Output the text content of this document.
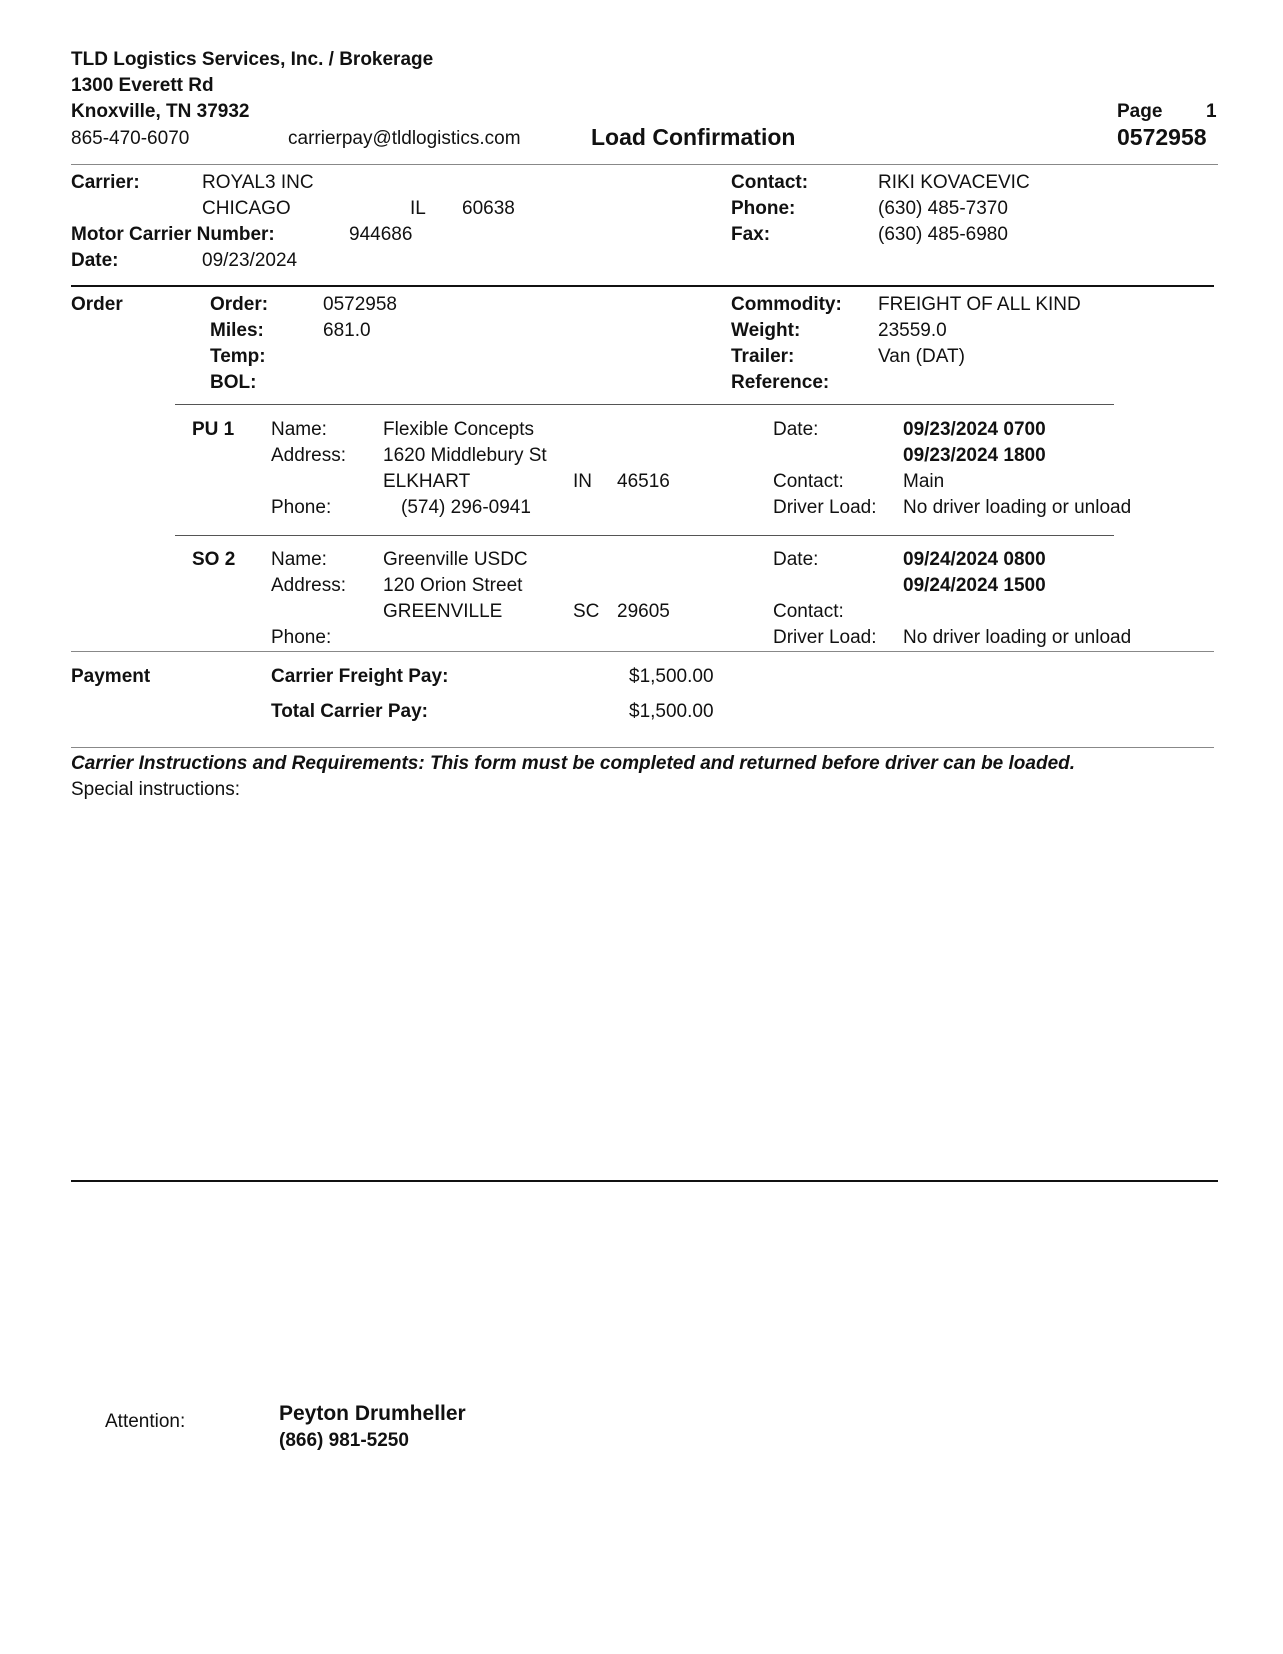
TLD Logistics Services, Inc. / Brokerage
1300 Everett Rd
Knoxville, TN 37932
865-470-6070	carrierpay@tldlogistics.com	Load Confirmation
Page 1
0572958
Carrier:	ROYAL3 INC
CHICAGO	IL 60638
Motor Carrier Number:	944686
Date:	09/23/2024
Contact:	RIKI KOVACEVIC
Phone:	(630) 485-7370
Fax:	(630) 485-6980
Order	Order:	0572958
Miles:	681.0
Temp:
BOL:
Commodity: FREIGHT OF ALL KIND
Weight:	23559.0
Trailer:	Van (DAT)
Reference:
PU 1 Name:	Flexible Concepts
Address: 1620 Middlebury St
ELKHART	IN 46516
Phone:	(574) 296-0941
Date:	09/23/2024 0700
09/23/2024 1800
Contact:	Main
Driver Load: No driver loading or unload
SO 2 Name:	Greenville USDC
Address: 120 Orion Street
GREENVILLE	SC 29605
Phone:
Date:	09/24/2024 0800
09/24/2024 1500
Contact:
Driver Load: No driver loading or unload
Payment	Carrier Freight Pay:	$1,500.00
Total Carrier Pay:	$1,500.00
Carrier Instructions and Requirements: This form must be completed and returned before driver can be loaded.
Special instructions:
Attention:	Peyton Drumheller
(866) 981-5250
